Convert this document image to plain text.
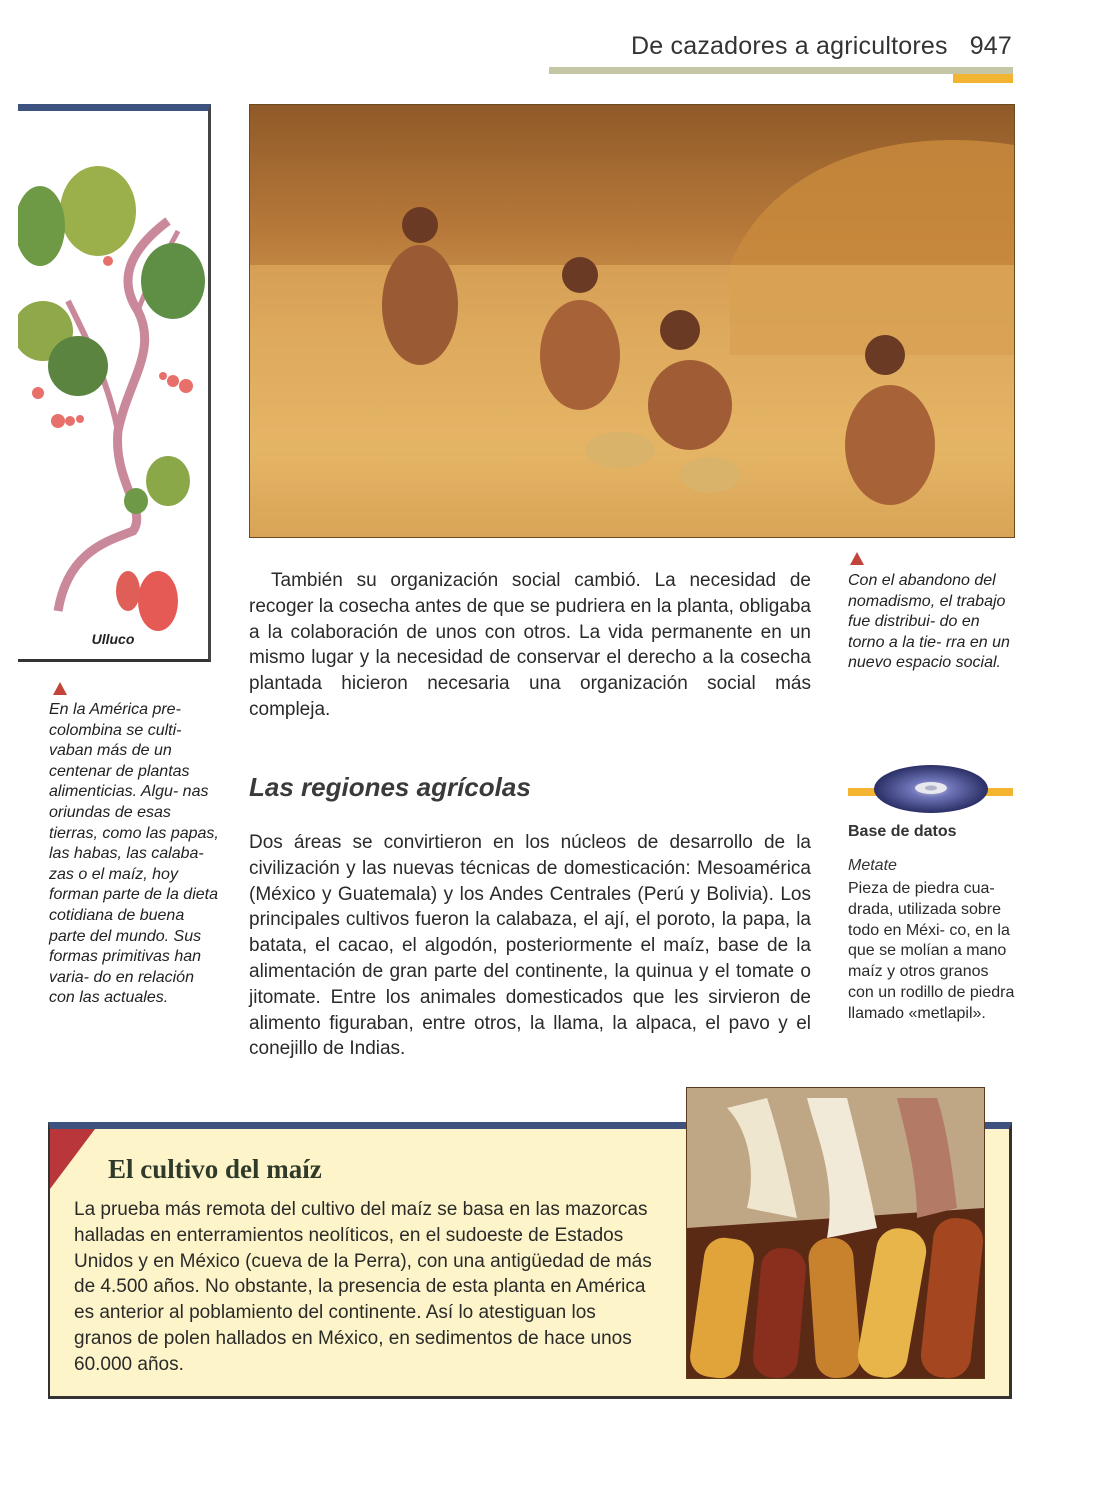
De cazadores a agricultores 947
Ulluco
En la América pre- colombina se culti- vaban más de un centenar de plantas alimenticias. Algu- nas oriundas de esas tierras, como las papas, las habas, las calaba- zas o el maíz, hoy forman parte de la dieta cotidiana de buena parte del mundo. Sus formas primitivas han varia- do en relación con las actuales.
Con el abandono del nomadismo, el trabajo fue distribui- do en torno a la tie- rra en un nuevo espacio social.
También su organización social cambió. La necesidad de recoger la cosecha antes de que se pudriera en la planta, obligaba a la colaboración de unos con otros. La vida permanente en un mismo lugar y la necesidad de conservar el derecho a la cosecha plantada hicieron necesaria una organización social más compleja.
Las regiones agrícolas
Dos áreas se convirtieron en los núcleos de desarrollo de la civilización y las nuevas técnicas de domesticación: Mesoamérica (México y Guatemala) y los Andes Centrales (Perú y Bolivia). Los principales cultivos fueron la calabaza, el ají, el poroto, la papa, la batata, el cacao, el algodón, posteriormente el maíz, base de la alimentación de gran parte del continente, la quinua y el tomate o jitomate. Entre los animales domesticados que les sirvieron de alimento figuraban, entre otros, la llama, la alpaca, el pavo y el conejillo de Indias.
Base de datos
Metate
Pieza de piedra cua- drada, utilizada sobre todo en Méxi- co, en la que se molían a mano maíz y otros granos con un rodillo de piedra llamado «metlapil».
El cultivo del maíz
La prueba más remota del cultivo del maíz se basa en las mazorcas halladas en enterramientos neolíticos, en el sudoeste de Estados Unidos y en México (cueva de la Perra), con una antigüedad de más de 4.500 años. No obstante, la presencia de esta planta en América es anterior al poblamiento del continente. Así lo atestiguan los granos de polen hallados en México, en sedimentos de hace unos 60.000 años.
